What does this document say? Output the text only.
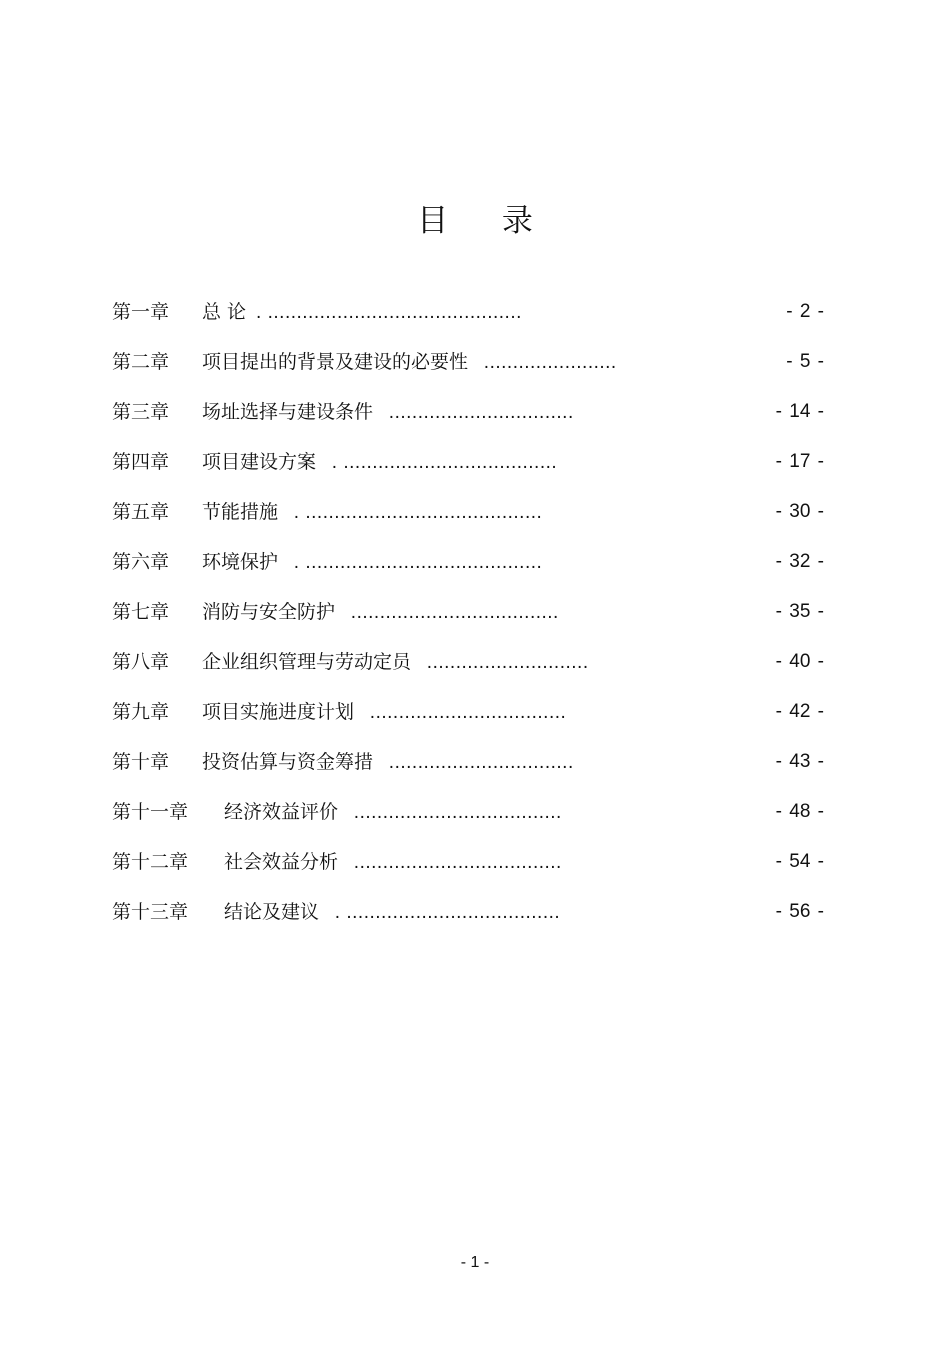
目 录
第一章 总 论 . ............................................	- 2 -
第二章 项目提出的背景及建设的必要性 .......................	- 5 -
第三章 场址选择与建设条件 ................................	- 14 -
第四章 项目建设方案 . .....................................	- 17 -
第五章 节能措施 . .........................................	- 30 -
第六章 环境保护 . .........................................	- 32 -
第七章 消防与安全防护 ....................................	- 35 -
第八章 企业组织管理与劳动定员 ............................	- 40 -
第九章 项目实施进度计划 ..................................	- 42 -
第十章 投资估算与资金筹措 ................................	- 43 -
第十一章 经济效益评价 ....................................	- 48 -
第十二章 社会效益分析 ....................................	- 54 -
第十三章 结论及建议 . .....................................	- 56 -
- 1 -
